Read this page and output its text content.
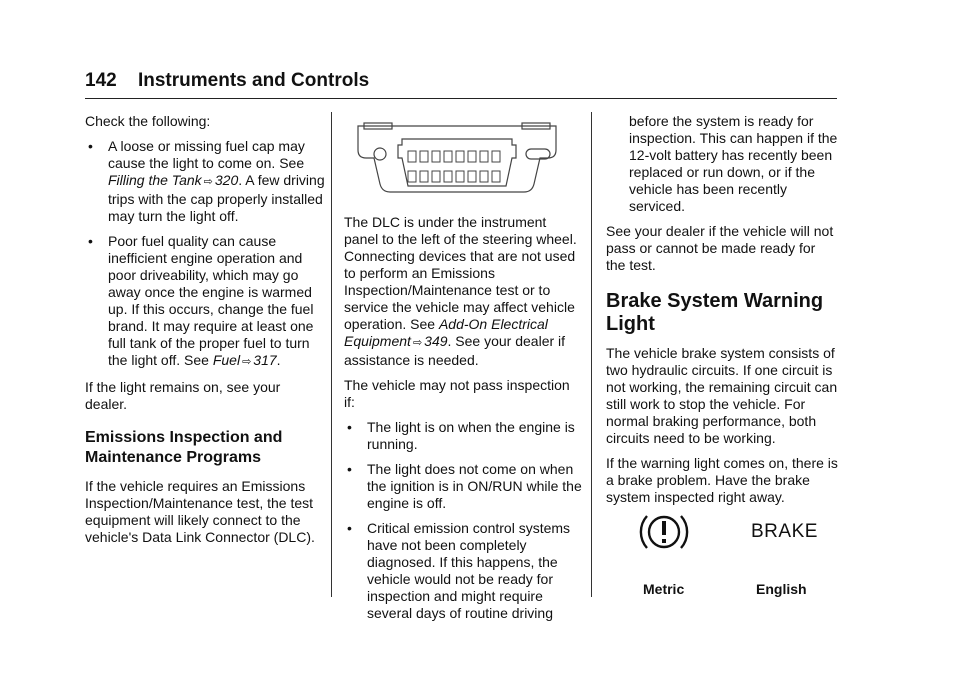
142 Instruments and Controls

Check the following:

•	A loose or missing fuel cap may cause the light to come on. See Filling the Tank ⇨ 320. A few driving trips with the cap properly installed may turn the light off.
•	Poor fuel quality can cause inefficient engine operation and poor driveability, which may go away once the engine is warmed up. If this occurs, change the fuel brand. It may require at least one full tank of the proper fuel to turn the light off. See Fuel ⇨ 317.

If the light remains on, see your dealer.

Emissions Inspection and Maintenance Programs

If the vehicle requires an Emissions Inspection/Maintenance test, the test equipment will likely connect to the vehicle's Data Link Connector (DLC).

The DLC is under the instrument panel to the left of the steering wheel. Connecting devices that are not used to perform an Emissions Inspection/Maintenance test or to service the vehicle may affect vehicle operation. See Add-On Electrical Equipment ⇨ 349. See your dealer if assistance is needed.

The vehicle may not pass inspection if:

•	The light is on when the engine is running.
•	The light does not come on when the ignition is in ON/RUN while the engine is off.
•	Critical emission control systems have not been completely diagnosed. If this happens, the vehicle would not be ready for inspection and might require several days of routine driving

before the system is ready for inspection. This can happen if the 12-volt battery has recently been replaced or run down, or if the vehicle has been recently serviced.

See your dealer if the vehicle will not pass or cannot be made ready for the test.

Brake System Warning Light

The vehicle brake system consists of two hydraulic circuits. If one circuit is not working, the remaining circuit can still work to stop the vehicle. For normal braking performance, both circuits need to be working.

If the warning light comes on, there is a brake problem. Have the brake system inspected right away.

BRAKE
Metric	English
